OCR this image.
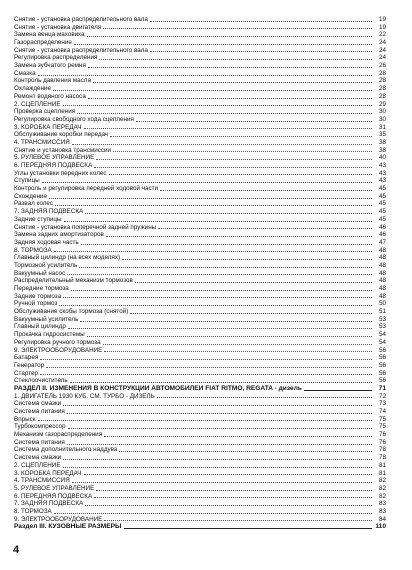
Снятие - установка распределительного вала	19
Снятие - установка двигателя	19
Замена венца маховика	22
Газораспределение	24
Снятие - установка распределительного вала	24
Регулировка распределения	24
Замена зубчатого ремня	26
Смазка	28
Контроль давления масла	28
Охлаждение	28
Ремонт водяного насоса	28
2. СЦЕПЛЕНИЕ	29
Проверка сцепления	30
Регулировка свободного хода сцепления	30
3. КОРОБКА ПЕРЕДАЧ	31
Обслуживание коробки передач	35
4. ТРАНСМИССИЯ	38
Снятие и установка трансмиссии	38
5. РУЛЕВОЕ УПРАВЛЕНИЕ	40
6. ПЕРЕДНЯЯ ПОДВЕСКА	43
Углы установки передних колес	43
Ступицы	43
Контроль и регулировка передней ходовой части	45
Схождение	45
Развал колес	45
7. ЗАДНЯЯ ПОДВЕСКА	45
Задние ступицы	45
Снятие - установка поперечной задней пружины	46
Замена задних амортизаторов	46
Задняя ходовая часть	47
8. ТОРМОЗА	48
Главный цилиндр (на всех моделях)	48
Тормозной усилитель	48
Вакуумный насос	48
Распределительный механизм тормозов	48
Передние тормоза	48
Задние тормоза	48
Ручной тормоз	50
Обслуживание скобы тормоза (снятой)	51
Вакуумный усилитель	53
Главный цилиндр	53
Прокачка гидросистемы	54
Регулировка ручного тормоза	54
9. ЭЛЕКТРООБОРУДОВАНИЕ	56
Батарея	56
Генератор	56
Стартер	56
Стеклоочиститель	56
РАЗДЕЛ II. ИЗМЕНЕНИЯ В КОНСТРУКЦИИ АВТОМОБИЛЕЙ FIAT RITMO, REGATA - дизель	71
1. ДВИГАТЕЛЬ 1930 КУБ. СМ. ТУРБО - ДИЗЕЛЬ	72
Система смазки	73
Система питания	74
Впрыск	75
Турбокомпрессор	75
Механизм газораспределения	76
Система питания	76
Система дополнительного наддува	78
Система смазки	78
2. СЦЕПЛЕНИЕ	81
3. КОРОБКА ПЕРЕДАЧ	81
4. ТРАНСМИССИЯ	82
5. РУЛЕВОЕ УПРАВЛЕНИЕ	82
6. ПЕРЕДНЯЯ ПОДВЕСКА	82
7. ЗАДНЯЯ ПОДВЕСКА	83
8. ТОРМОЗА	83
9. ЭЛЕКТРООБОРУДОВАНИЕ	84
Раздел III. КУЗОВНЫЕ РАЗМЕРЫ	110
4
